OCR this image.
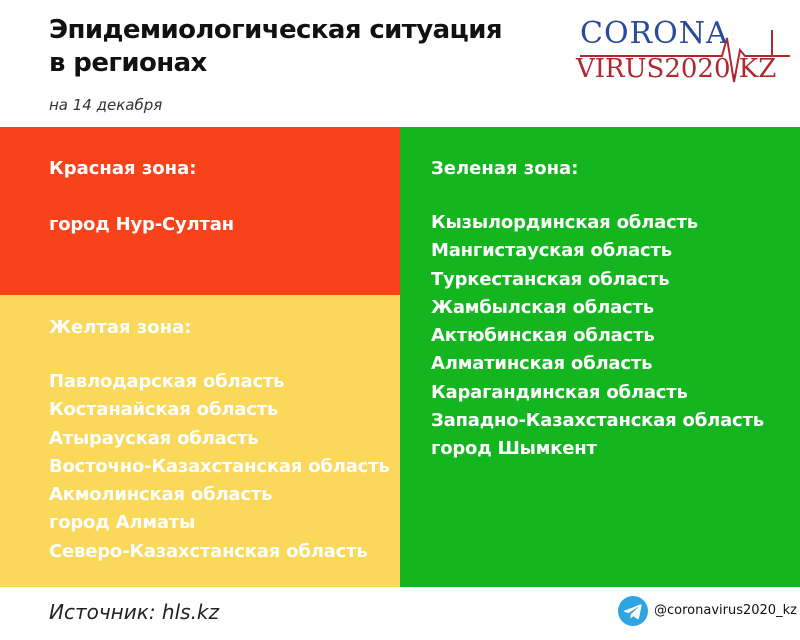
Эпидемиологическая ситуация
в регионах
на 14 декабря
CORONA
VIRUS2020.KZ
Красная зона:
город Нур-Султан
Желтая зона:
Павлодарская область
Костанайская область
Атырауская область
Восточно-Казахстанская область
Акмолинская область
город Алматы
Северо-Казахстанская область
Зеленая зона:
Кызылординская область
Мангистауская область
Туркестанская область
Жамбылская область
Актюбинская область
Алматинская область
Карагандинская область
Западно-Казахстанская область
город Шымкент
Источник: hls.kz	@coronavirus2020_kz
